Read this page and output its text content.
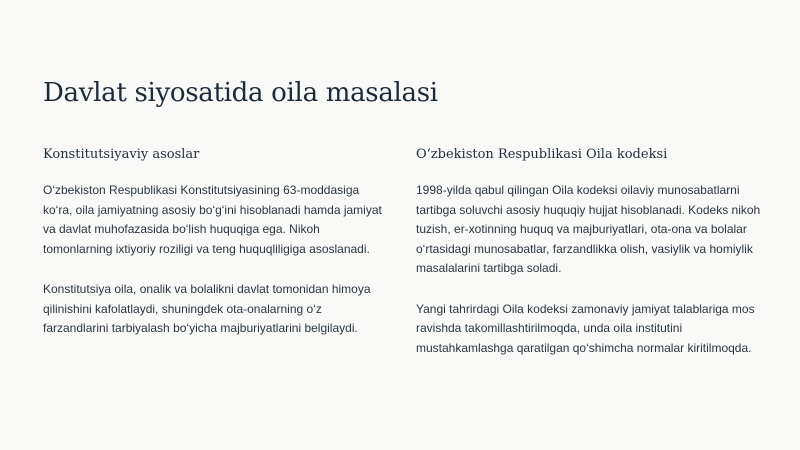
Davlat siyosatida oila masalasi
Konstitutsiyaviy asoslar

O‘zbekiston Respublikasi Konstitutsiyasining 63-moddasiga ko‘ra, oila jamiyatning asosiy bo‘g‘ini hisoblanadi hamda jamiyat va davlat muhofazasida bo‘lish huquqiga ega. Nikoh tomonlarning ixtiyoriy roziligi va teng huquqliligiga asoslanadi.

Konstitutsiya oila, onalik va bolalikni davlat tomonidan himoya qilinishini kafolatlaydi, shuningdek ota-onalarning o‘z farzandlarini tarbiyalash bo‘yicha majburiyatlarini belgilaydi.

O‘zbekiston Respublikasi Oila kodeksi

1998-yilda qabul qilingan Oila kodeksi oilaviy munosabatlarni tartibga soluvchi asosiy huquqiy hujjat hisoblanadi. Kodeks nikoh tuzish, er-xotinning huquq va majburiyatlari, ota-ona va bolalar o‘rtasidagi munosabatlar, farzandlikka olish, vasiylik va homiylik masalalarini tartibga soladi.

Yangi tahrirdagi Oila kodeksi zamonaviy jamiyat talablariga mos ravishda takomillashtirilmoqda, unda oila institutini mustahkamlashga qaratilgan qo‘shimcha normalar kiritilmoqda.
